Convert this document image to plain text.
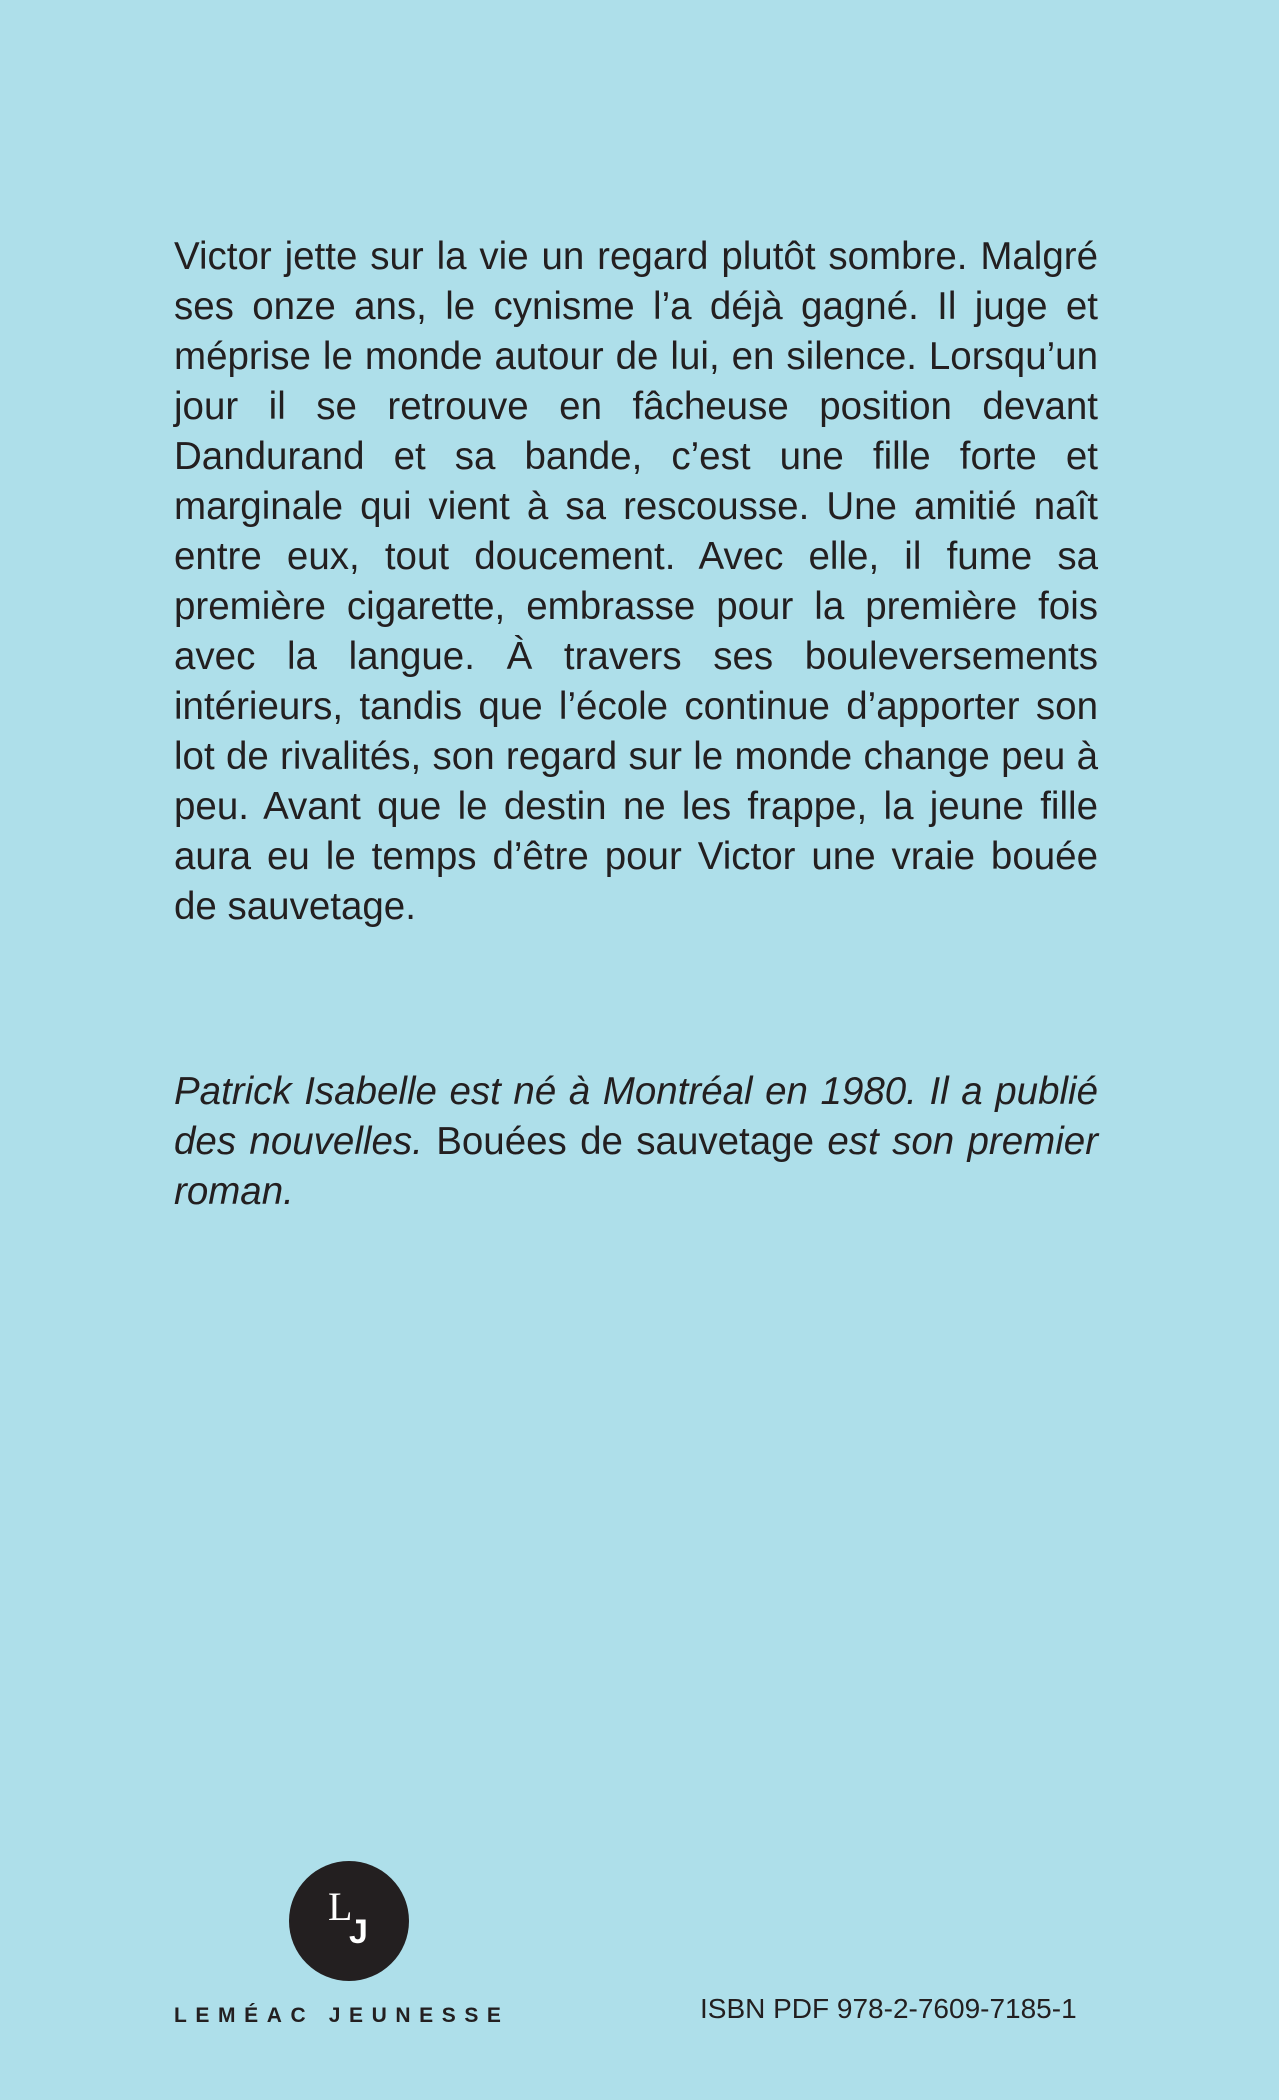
Victor jette sur la vie un regard plutôt sombre. Malgré ses onze ans, le cynisme l’a déjà gagné. Il juge et méprise le monde autour de lui, en silence. Lorsqu’un jour il se retrouve en fâcheuse position devant Dandurand et sa bande, c’est une fille forte et marginale qui vient à sa rescousse. Une amitié naît entre eux, tout doucement. Avec elle, il fume sa première cigarette, embrasse pour la première fois avec la langue. À travers ses bouleversements intérieurs, tandis que l’école continue d’apporter son lot de rivalités, son regard sur le monde change peu à peu. Avant que le destin ne les frappe, la jeune fille aura eu le temps d’être pour Victor une vraie bouée de sauvetage.

Patrick Isabelle est né à Montréal en 1980. Il a publié des nouvelles. Bouées de sauvetage est son premier roman.

L
J
LEMÉAC JEUNESSE	ISBN PDF 978-2-7609-7185-1
